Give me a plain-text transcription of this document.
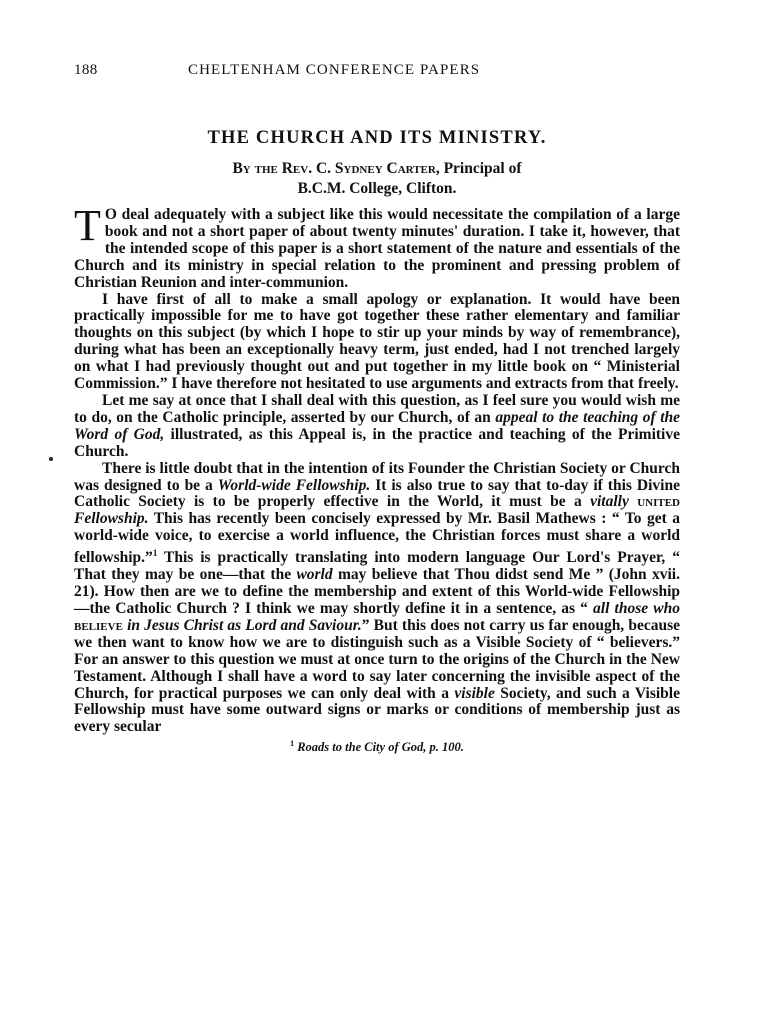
188	CHELTENHAM CONFERENCE PAPERS
THE CHURCH AND ITS MINISTRY.
By the Rev. C. Sydney Carter, Principal of
B.C.M. College, Clifton.

T O deal adequately with a subject like this would necessitate the compilation of a large book and not a short paper of about twenty minutes' duration. I take it, however, that the intended scope of this paper is a short statement of the nature and essentials of the Church and its ministry in special relation to the prominent and pressing problem of Christian Reunion and inter-communion.

I have first of all to make a small apology or explanation. It would have been practically impossible for me to have got together these rather elementary and familiar thoughts on this subject (by which I hope to stir up your minds by way of remembrance), during what has been an exceptionally heavy term, just ended, had I not trenched largely on what I had previously thought out and put together in my little book on “ Ministerial Commission.” I have therefore not hesitated to use arguments and extracts from that freely.

Let me say at once that I shall deal with this question, as I feel sure you would wish me to do, on the Catholic principle, asserted by our Church, of an appeal to the teaching of the Word of God, illustrated, as this Appeal is, in the practice and teaching of the Primitive Church.

There is little doubt that in the intention of its Founder the Christian Society or Church was designed to be a World-wide Fellowship. It is also true to say that to-day if this Divine Catholic Society is to be properly effective in the World, it must be a vitally united Fellowship. This has recently been concisely expressed by Mr. Basil Mathews : “ To get a world-wide voice, to exercise a world influence, the Christian forces must share a world fellowship.”$^1$ This is practically translating into modern language Our Lord's Prayer, “ That they may be one—that the world may believe that Thou didst send Me ” (John xvii. 21). How then are we to define the membership and extent of this World-wide Fellowship —the Catholic Church ? I think we may shortly define it in a sentence, as “ all those who believe in Jesus Christ as Lord and Saviour.” But this does not carry us far enough, because we then want to know how we are to distinguish such as a Visible Society of “ believers.” For an answer to this question we must at once turn to the origins of the Church in the New Testament. Although I shall have a word to say later concerning the invisible aspect of the Church, for practical purposes we can only deal with a visible Society, and such a Visible Fellowship must have some outward signs or marks or conditions of membership just as every secular

$^1$ Roads to the City of God, p. 100.
